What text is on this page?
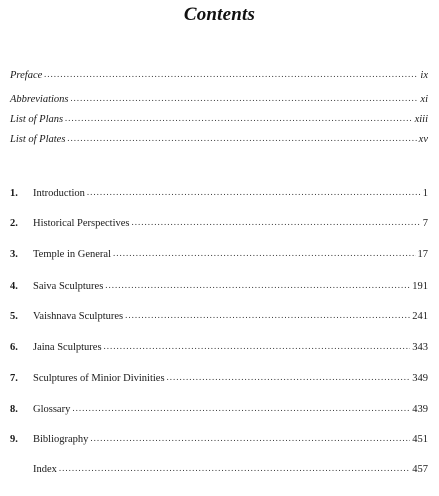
Contents
Preface .....	ix
Abbreviations .....	xi
List of Plans .....	xiii
List of Plates .....	xv
1.	Introduction .....	1
2.	Historical Perspectives .....	7
3.	Temple in General .....	17
4.	Saiva Sculptures .....	191
5.	Vaishnava Sculptures .....	241
6.	Jaina Sculptures .....	343
7.	Sculptures of Minior Divinities .....	349
8.	Glossary .....	439
9.	Bibliography .....	451
Index .....	457
